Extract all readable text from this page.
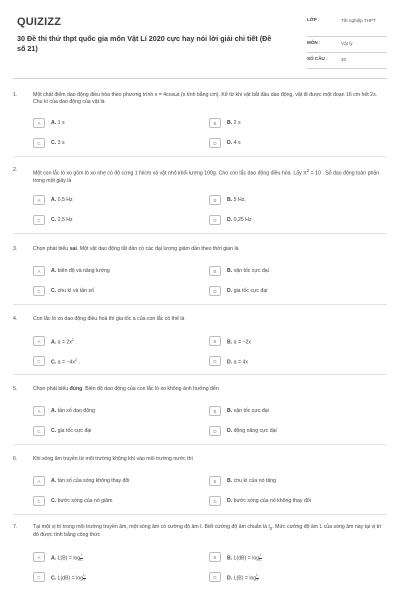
QUIZIZZ
30 Đề thi thử thpt quốc gia môn Vật Lí 2020 cực hay nói lời giải chi tiết (Đề số 21)
LỚP :	Tốt nghiệp THPT
MÔN :	Vật lý
SỐ CÂU :	40
1.	Một chất điểm dao động điều hòa theo phương trình x = 4cosωt (x tính bằng cm). Kể từ khi vật bắt đầu dao động, vật đi được một đoạn 16 cm hết 2s. Chu kì của dao động của vật là
A	A. 1 s	B	B. 2 s
C	C. 3 s	D	D. 4 s
2.
Một con lắc lò xo gồm lò xo nhẹ có độ cứng 1 N/cm và vật nhỏ khối lượng 100g. Cho con lắc dao động điều hòa. Lấy $\pi^2 = 10$ . Số dao động toàn phần trong một giây là
A	A. 0,5 Hz	B	B. 5 Hz,
C	C. 2,5 Hz	D	D. 0,25 Hz
3.	Chọn phát biểu sai. Một vật dao động tắt dần có các đại lượng giảm dần theo thời gian là
A	A. biên độ và năng lượng	B	B. vận tốc cực đại
C	C. chu kì và tần số	D	D. gia tốc cực đại
4.	Con lắc lò xo dao động điều hoà thì gia tốc a của con lắc có thể là
A	A. $a = 2x^2$ .	B	B. a = −2x
C	C. $a = -4x^2$ .	D	D. a = 4x
5.	Chọn phát biểu đúng. Biên độ dao động của con lắc lò xo không ảnh hưởng đến
A	A. tần số dao động	B	B. vận tốc cực đại
C	C. gia tốc cực đại	D	D. động năng cực đại
6.	Khi sóng âm truyền từ môi trường không khí vào môi trường nước thì
A	A. tần số của sóng không thay đổi	B	B. chu kì của nó tăng
C	C. bước sóng của nó giảm	D	D. bước sóng của nó không thay đổi
7.	Tại một vị trí trong môi trường truyền âm, một sóng âm có cường độ âm I. Biết cường độ âm chuẩn là $I_0$. Mức cường độ âm L của sóng âm này tại vị trí đó được tính bằng công thức
A	A. $L(B) = \log \frac{I}{\text{I₀}}$	B	B. $L(dB) = \log \frac{I}{\text{I₀}}$
C	C. $L(dB) = \log \frac{\text{I₀}}{I}$	D	D. $L(B) = \log \frac{\text{I₀}}{I}$
